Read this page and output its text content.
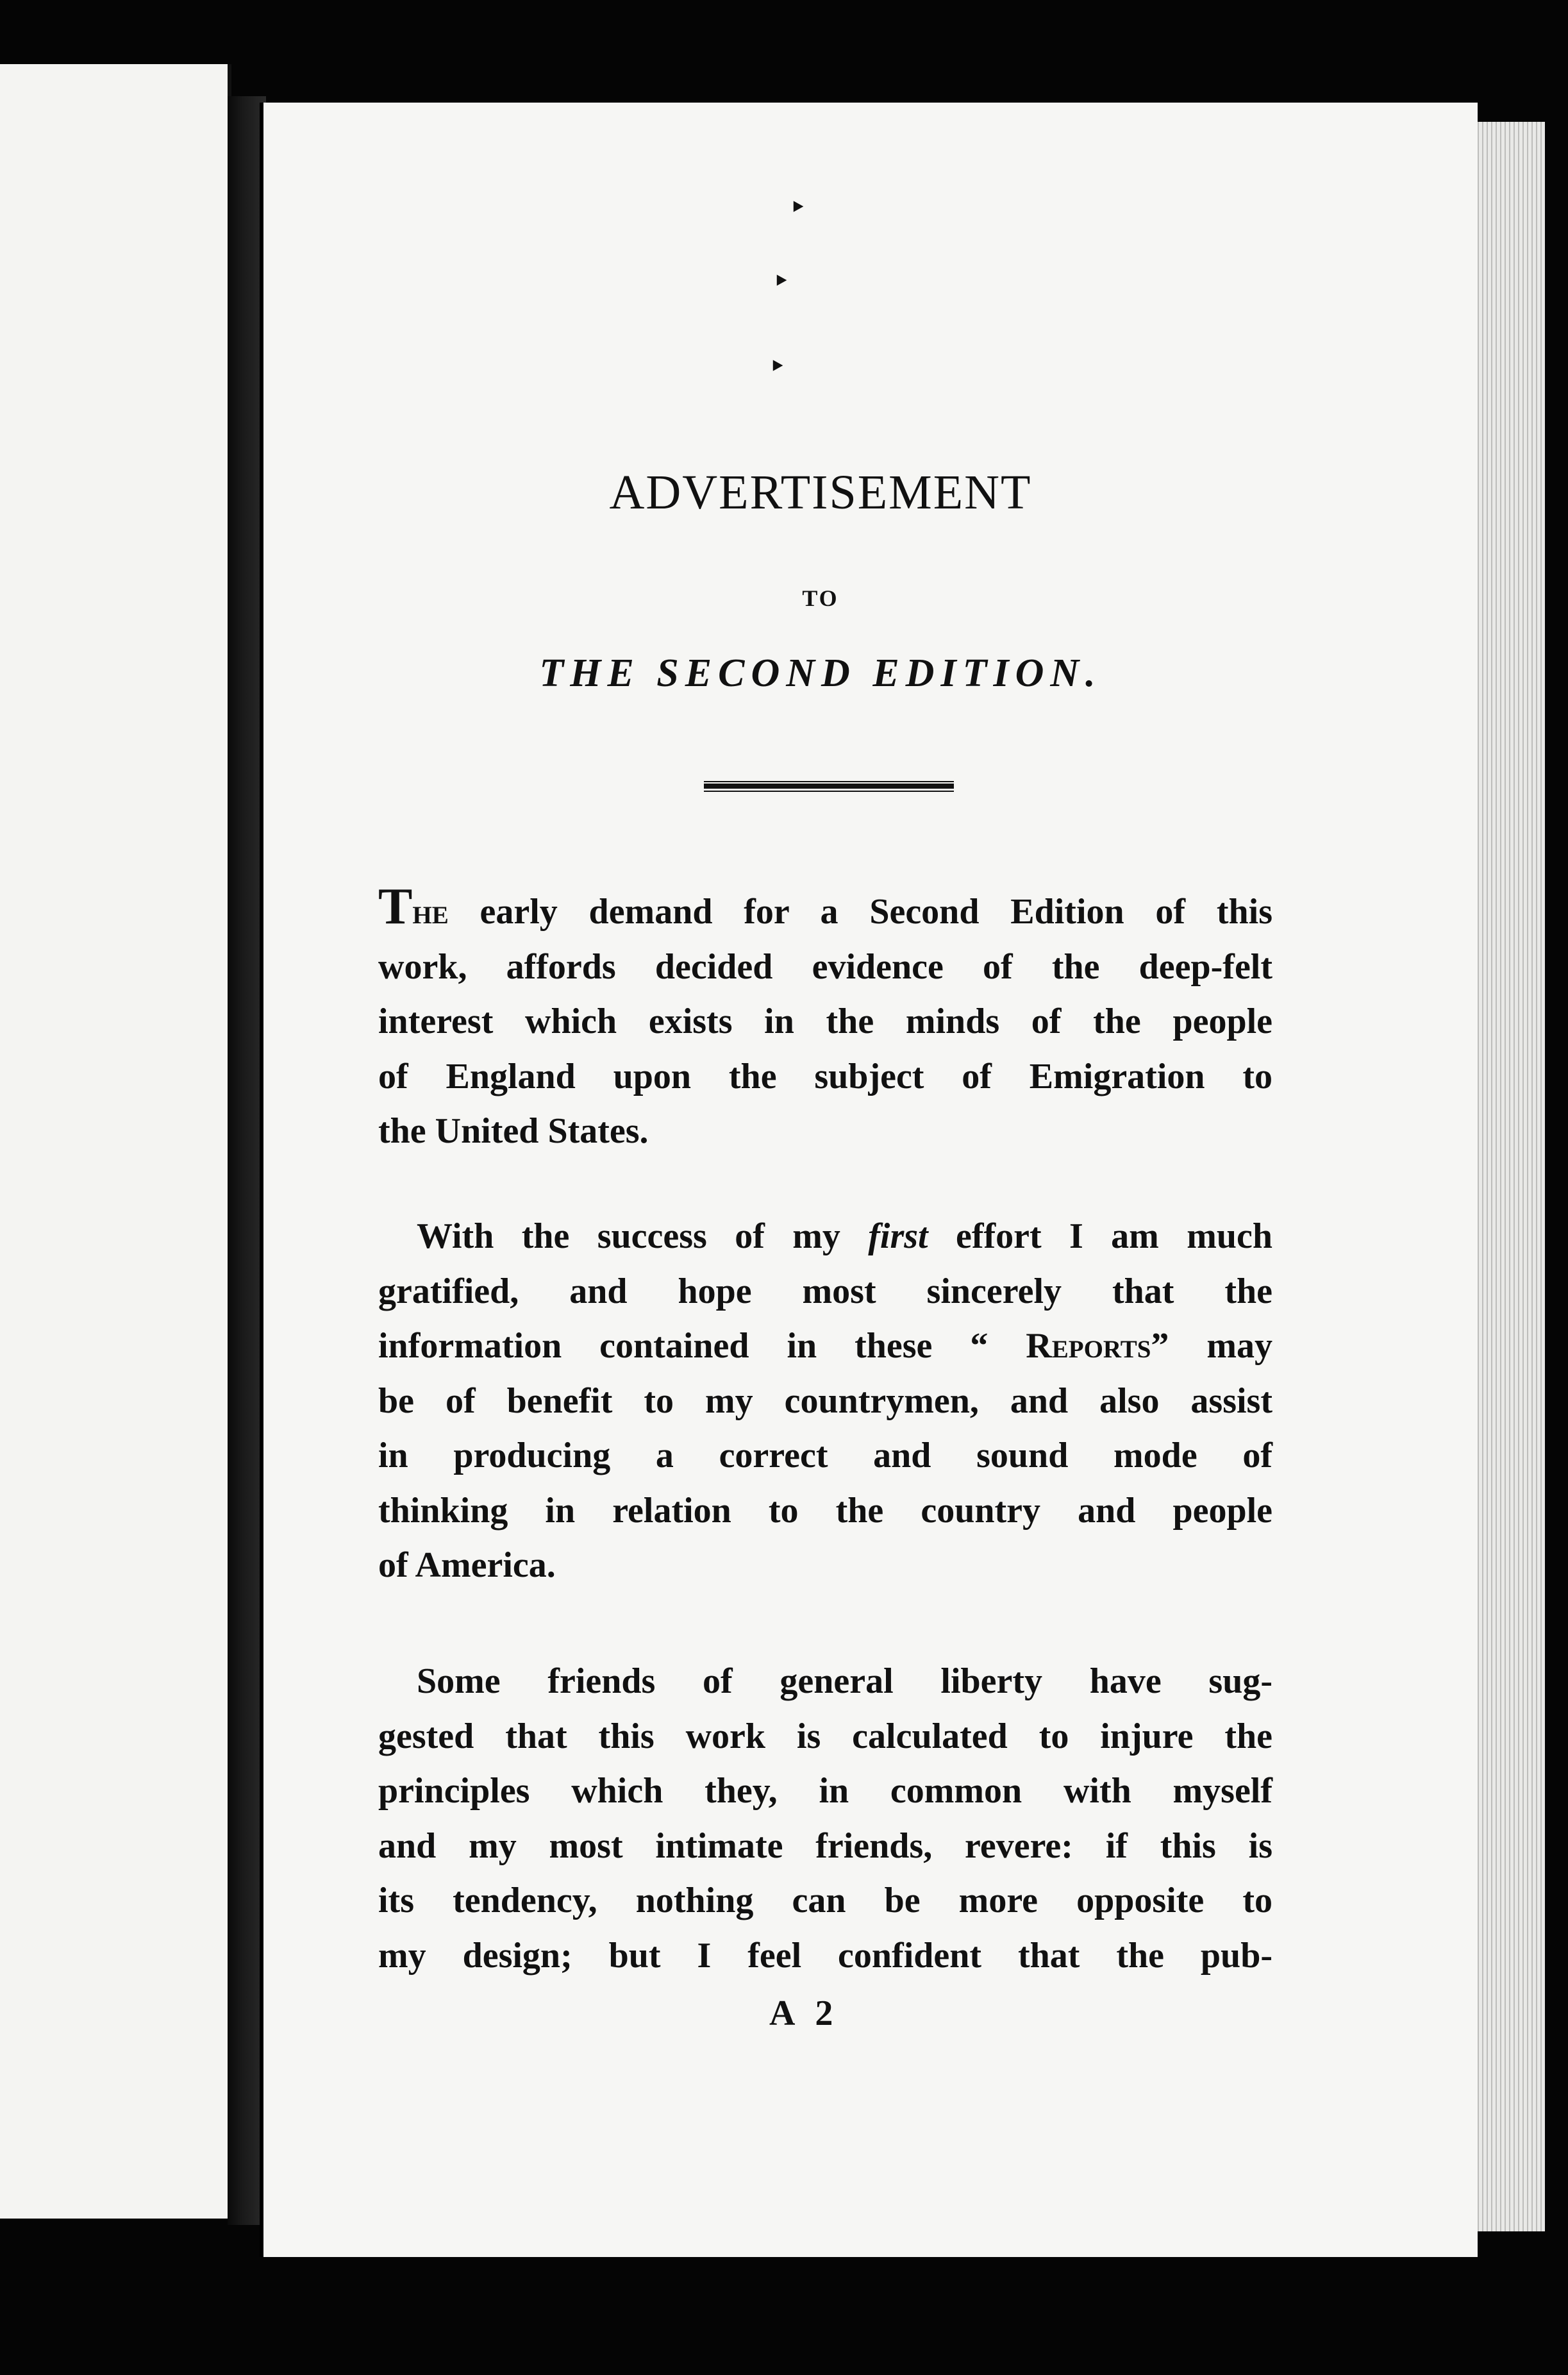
‣
‣
‣
ADVERTISEMENT
TO
THE SECOND EDITION.
The early demand for a Second Edition of this
work, affords decided evidence of the deep-felt
interest which exists in the minds of the people
of England upon the subject of Emigration to
the United States.
With the success of my first effort I am much
gratified, and hope most sincerely that the
information contained in these “ Reports” may
be of benefit to my countrymen, and also assist
in producing a correct and sound mode of
thinking in relation to the country and people
of America.
Some friends of general liberty have sug-
gested that this work is calculated to injure the
principles which they, in common with myself
and my most intimate friends, revere: if this is
its tendency, nothing can be more opposite to
my design; but I feel confident that the pub-
A 2
